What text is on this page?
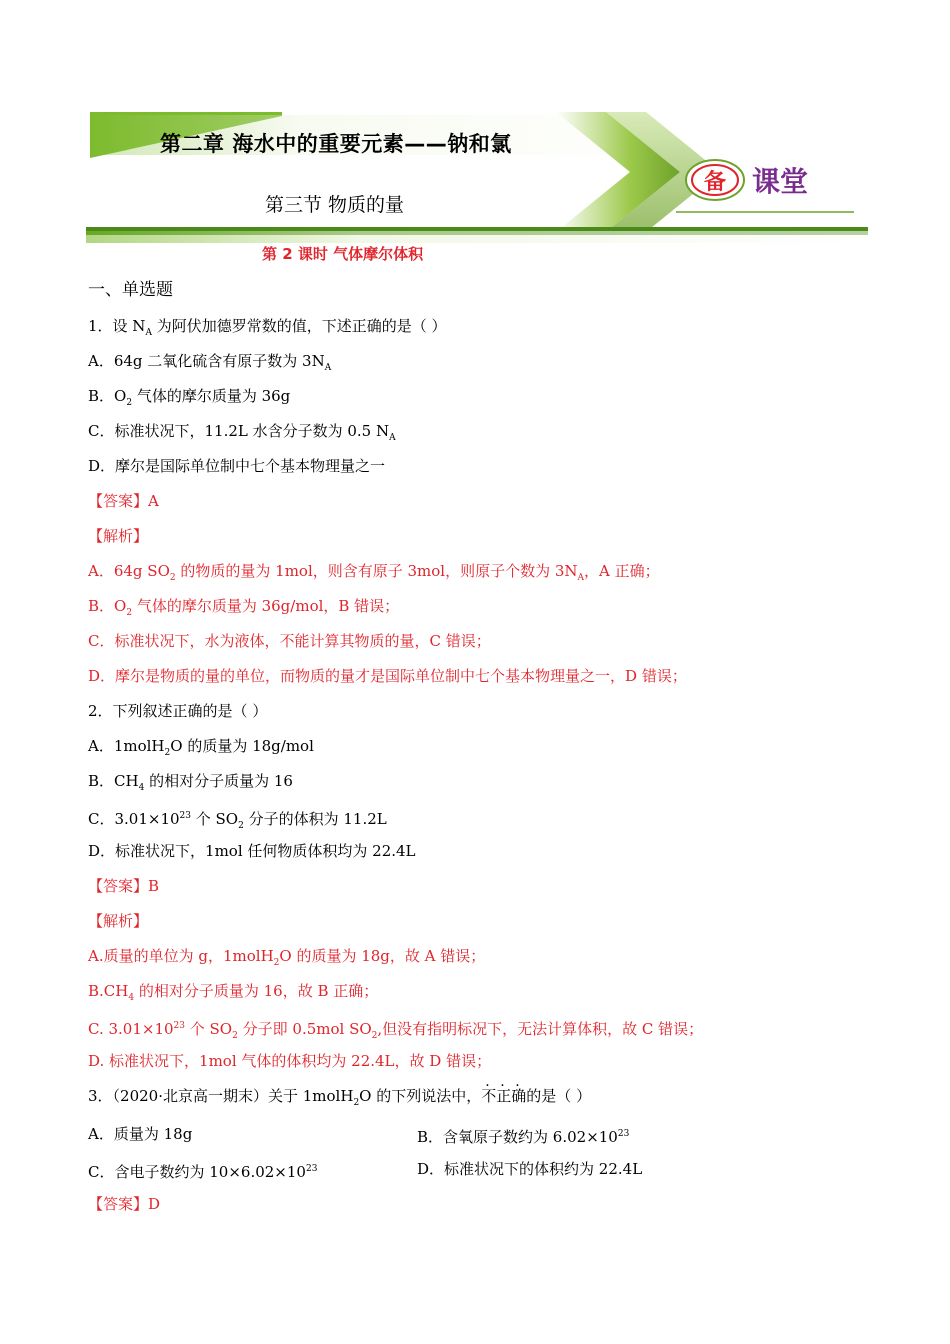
第二章 海水中的重要元素——钠和氯
第三节 物质的量
备 课堂
第 2 课时 气体摩尔体积
一、单选题
1．设 $N_A$ 为阿伏加德罗常数的值，下述正确的是（ ）
A．64g 二氧化硫含有原子数为 $3N_A$
B．$O_2$ 气体的摩尔质量为 36g
C．标准状况下，11.2L 水含分子数为 0.5 $N_A$
D．摩尔是国际单位制中七个基本物理量之一
【答案】A
【解析】
A．64g $SO_2$ 的物质的量为 1mol，则含有原子 3mol，则原子个数为 $3N_A$，A 正确；
B．$O_2$ 气体的摩尔质量为 36g/mol，B 错误；
C．标准状况下，水为液体，不能计算其物质的量，C 错误；
D．摩尔是物质的量的单位，而物质的量才是国际单位制中七个基本物理量之一，D 错误；
2．下列叙述正确的是（ ）
A．1molH$_2$O 的质量为 18g/mol
B．$CH_4$ 的相对分子质量为 16
C．$3.01\times 10^{23}$ 个 $SO_2$ 分子的体积为 11.2L
D．标准状况下，1mol 任何物质体积均为 22.4L
【答案】B
【解析】
A.质量的单位为 g，1molH$_2$O 的质量为 18g，故 A 错误；
$B.CH_4$ 的相对分子质量为 16，故 B 正确；
C. $3.01\times 10^{23}$ 个 $SO_2$ 分子即 0.5mol $SO_2$,但没有指明标况下，无法计算体积，故 C 错误；
D. 标准状况下，1mol 气体的体积均为 22.4L，故 D 错误；
3．（2020·北京高一期末）关于 1molH$_2$O 的下列说法中，不正确的是（ ）
A．质量为 18g	B．含氧原子数约为 $6.02\times 10^{23}$
C．含电子数约为 $10\times 6.02\times 10^{23}$	D．标准状况下的体积约为 22.4L
【答案】D
